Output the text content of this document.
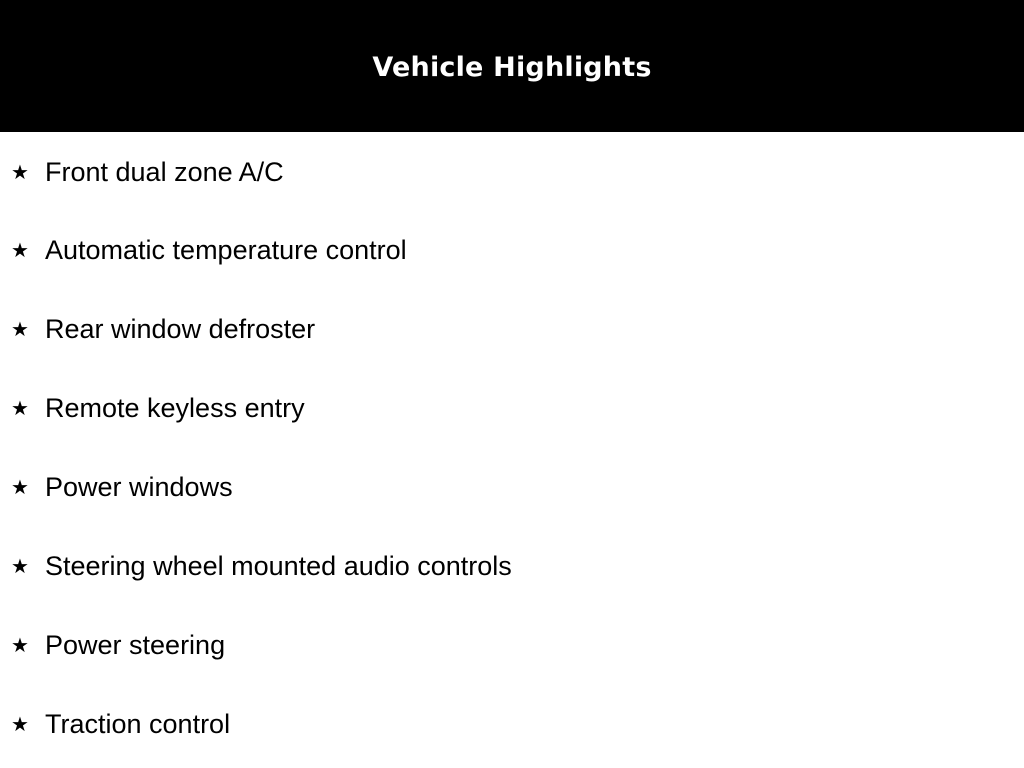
Vehicle Highlights
★ Front dual zone A/C
★ Automatic temperature control
★ Rear window defroster
★ Remote keyless entry
★ Power windows
★ Steering wheel mounted audio controls
★ Power steering
★ Traction control
